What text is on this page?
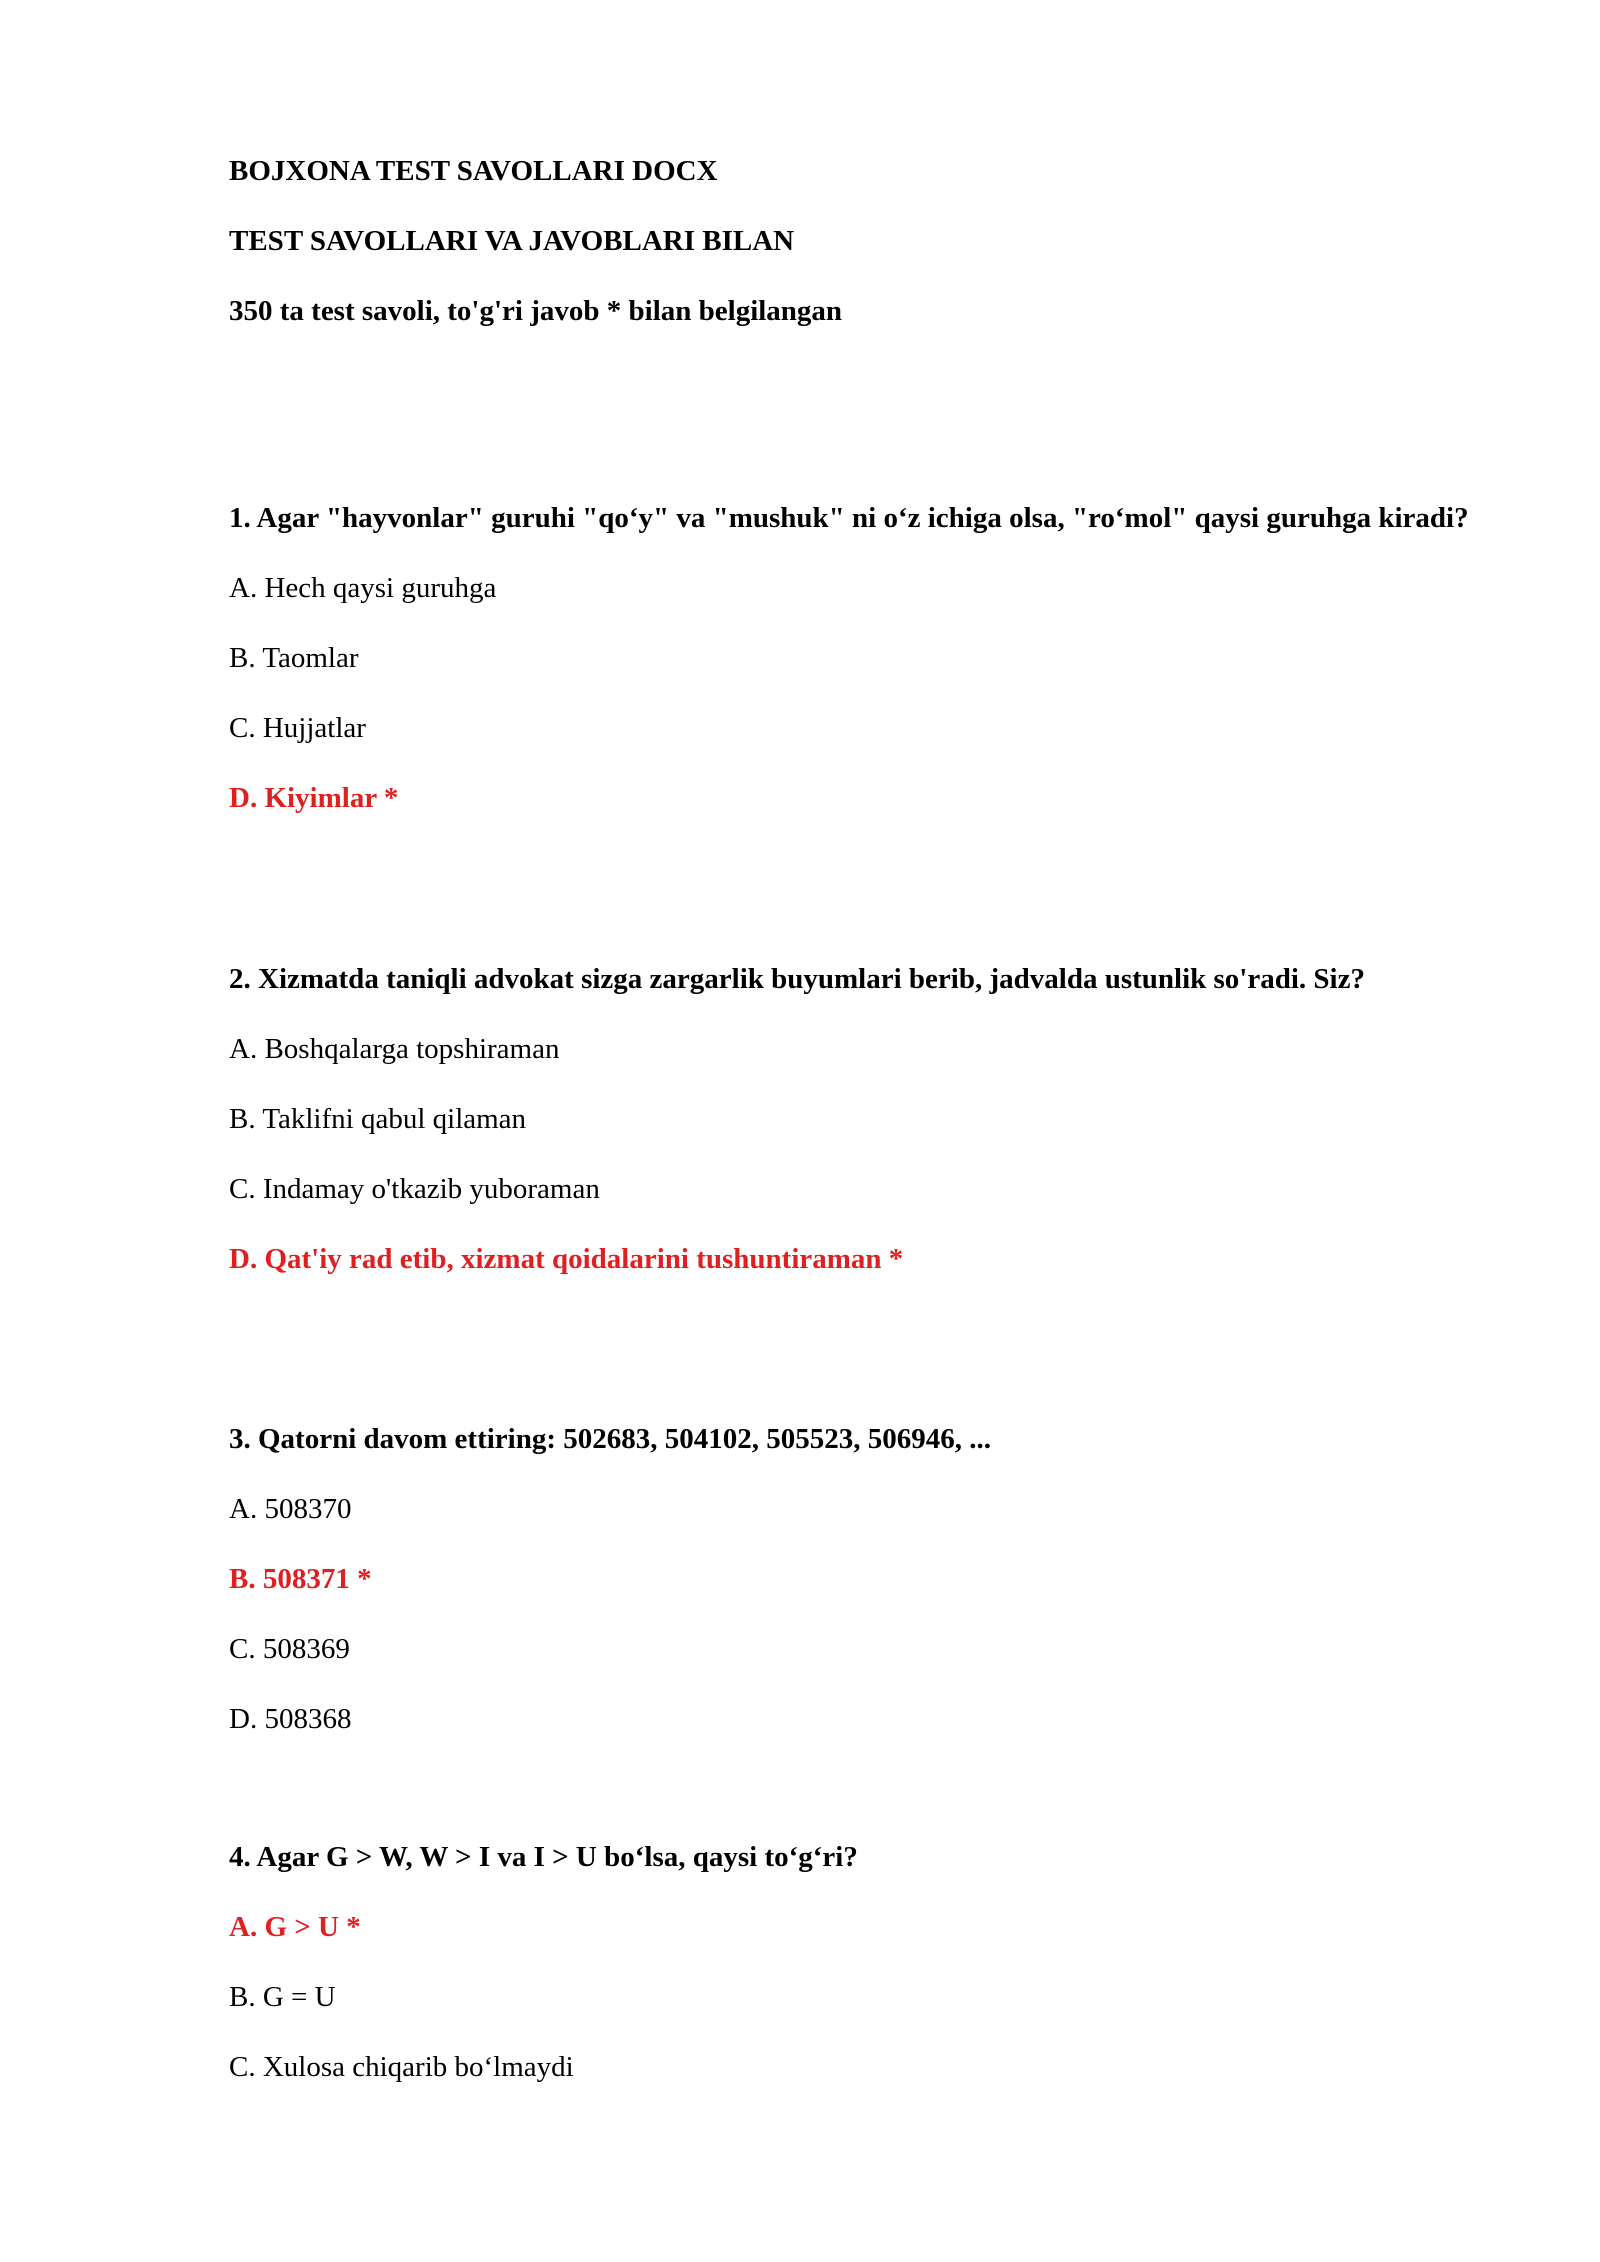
BOJXONA TEST SAVOLLARI DOCX

TEST SAVOLLARI VA JAVOBLARI BILAN

350 ta test savoli, to'g'ri javob * bilan belgilangan

1. Agar "hayvonlar" guruhi "qo‘y" va "mushuk" ni o‘z ichiga olsa, "ro‘mol" qaysi guruhga kiradi?

A. Hech qaysi guruhga

B. Taomlar

C. Hujjatlar

D. Kiyimlar *

2. Xizmatda taniqli advokat sizga zargarlik buyumlari berib, jadvalda ustunlik so'radi. Siz?

A. Boshqalarga topshiraman

B. Taklifni qabul qilaman

C. Indamay o'tkazib yuboraman

D. Qat'iy rad etib, xizmat qoidalarini tushuntiraman *

3. Qatorni davom ettiring: 502683, 504102, 505523, 506946, ...

A. 508370

B. 508371 *

C. 508369

D. 508368

4. Agar G > W, W > I va I > U bo‘lsa, qaysi to‘g‘ri?

A. G > U *

B. G = U

C. Xulosa chiqarib bo‘lmaydi
